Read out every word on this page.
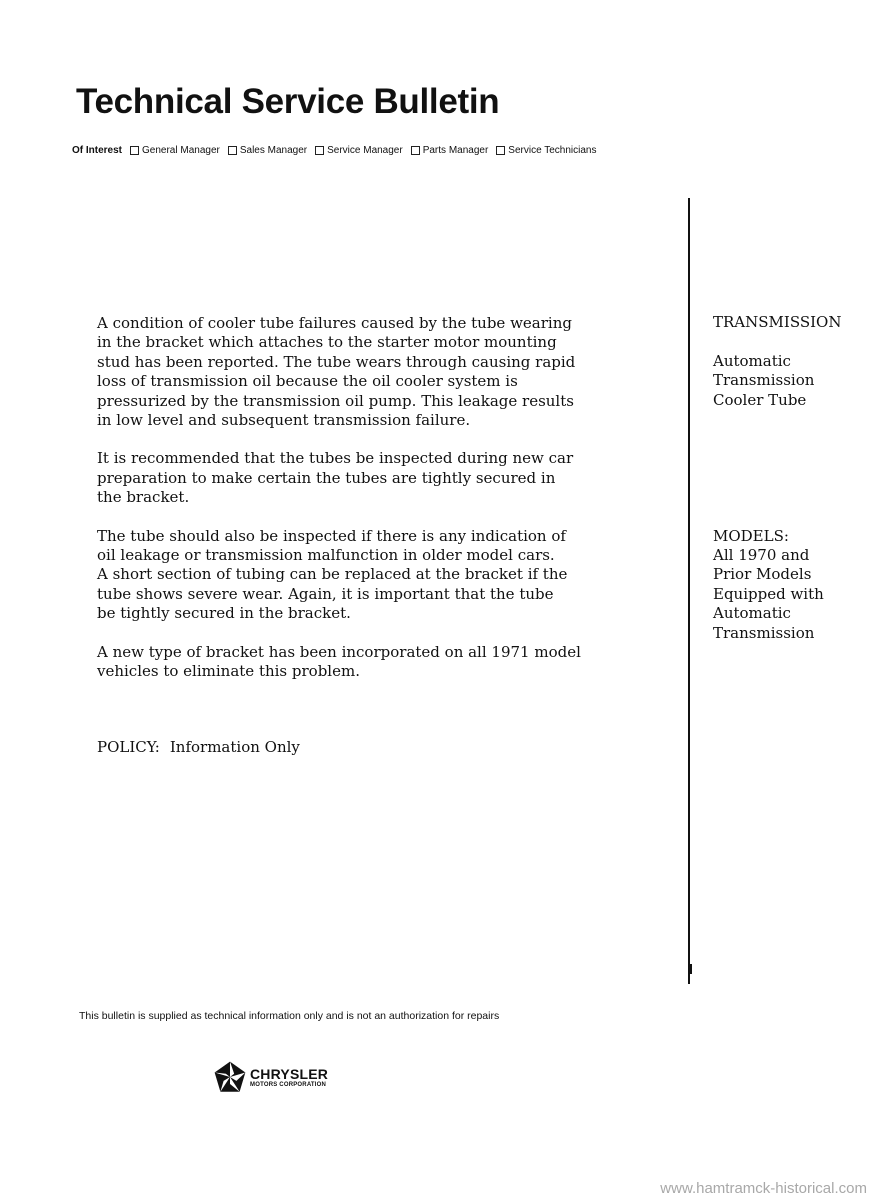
Technical Service Bulletin
Of Interest General Manager Sales Manager Service Manager Parts Manager Service Technicians

A condition of cooler tube failures caused by the tube wearing
in the bracket which attaches to the starter motor mounting
stud has been reported. The tube wears through causing rapid
loss of transmission oil because the oil cooler system is
pressurized by the transmission oil pump. This leakage results
in low level and subsequent transmission failure.

It is recommended that the tubes be inspected during new car
preparation to make certain the tubes are tightly secured in
the bracket.

The tube should also be inspected if there is any indication of
oil leakage or transmission malfunction in older model cars.
A short section of tubing can be replaced at the bracket if the
tube shows severe wear. Again, it is important that the tube
be tightly secured in the bracket.

A new type of bracket has been incorporated on all 1971 model
vehicles to eliminate this problem.

POLICY: Information Only
TRANSMISSION
Automatic
Transmission
Cooler Tube
MODELS:
All 1970 and
Prior Models
Equipped with
Automatic
Transmission
This bulletin is supplied as technical information only and is not an authorization for repairs
CHRYSLER
MOTORS CORPORATION
www.hamtramck-historical.com
